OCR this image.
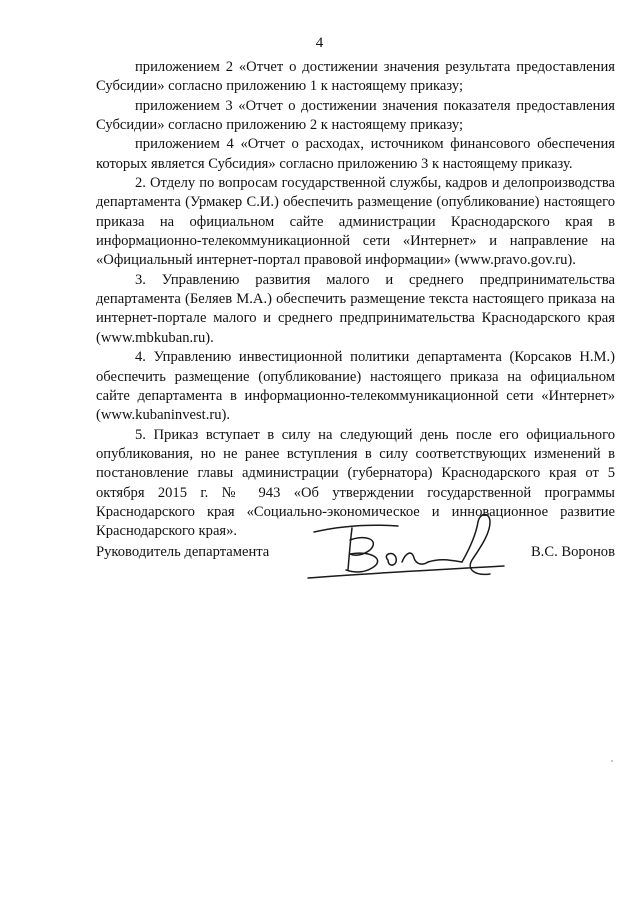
4

приложением 2 «Отчет о достижении значения результата предоставления Субсидии» согласно приложению 1 к настоящему приказу;

приложением 3 «Отчет о достижении значения показателя предоставления Субсидии» согласно приложению 2 к настоящему приказу;

приложением 4 «Отчет о расходах, источником финансового обеспечения которых является Субсидия» согласно приложению 3 к настоящему приказу.

2. Отделу по вопросам государственной службы, кадров и делопроизводства департамента (Урмакер С.И.) обеспечить размещение (опубликование) настоящего приказа на официальном сайте администрации Краснодарского края в информационно-телекоммуникационной сети «Интернет» и направление на «Официальный интернет-портал правовой информации» (www.pravo.gov.ru).

3. Управлению развития малого и среднего предпринимательства департамента (Беляев М.А.) обеспечить размещение текста настоящего приказа на интернет-портале малого и среднего предпринимательства Краснодарского края (www.mbkuban.ru).

4. Управлению инвестиционной политики департамента (Корсаков Н.М.) обеспечить размещение (опубликование) настоящего приказа на официальном сайте департамента в информационно-телекоммуникационной сети «Интернет» (www.kubaninvest.ru).

5. Приказ вступает в силу на следующий день после его официального опубликования, но не ранее вступления в силу соответствующих изменений в постановление главы администрации (губернатора) Краснодарского края от 5 октября 2015 г. № 943 «Об утверждении государственной программы Краснодарского края «Социально-экономическое и инновационное развитие Краснодарского края».

Руководитель департамента	В.С. Воронов
